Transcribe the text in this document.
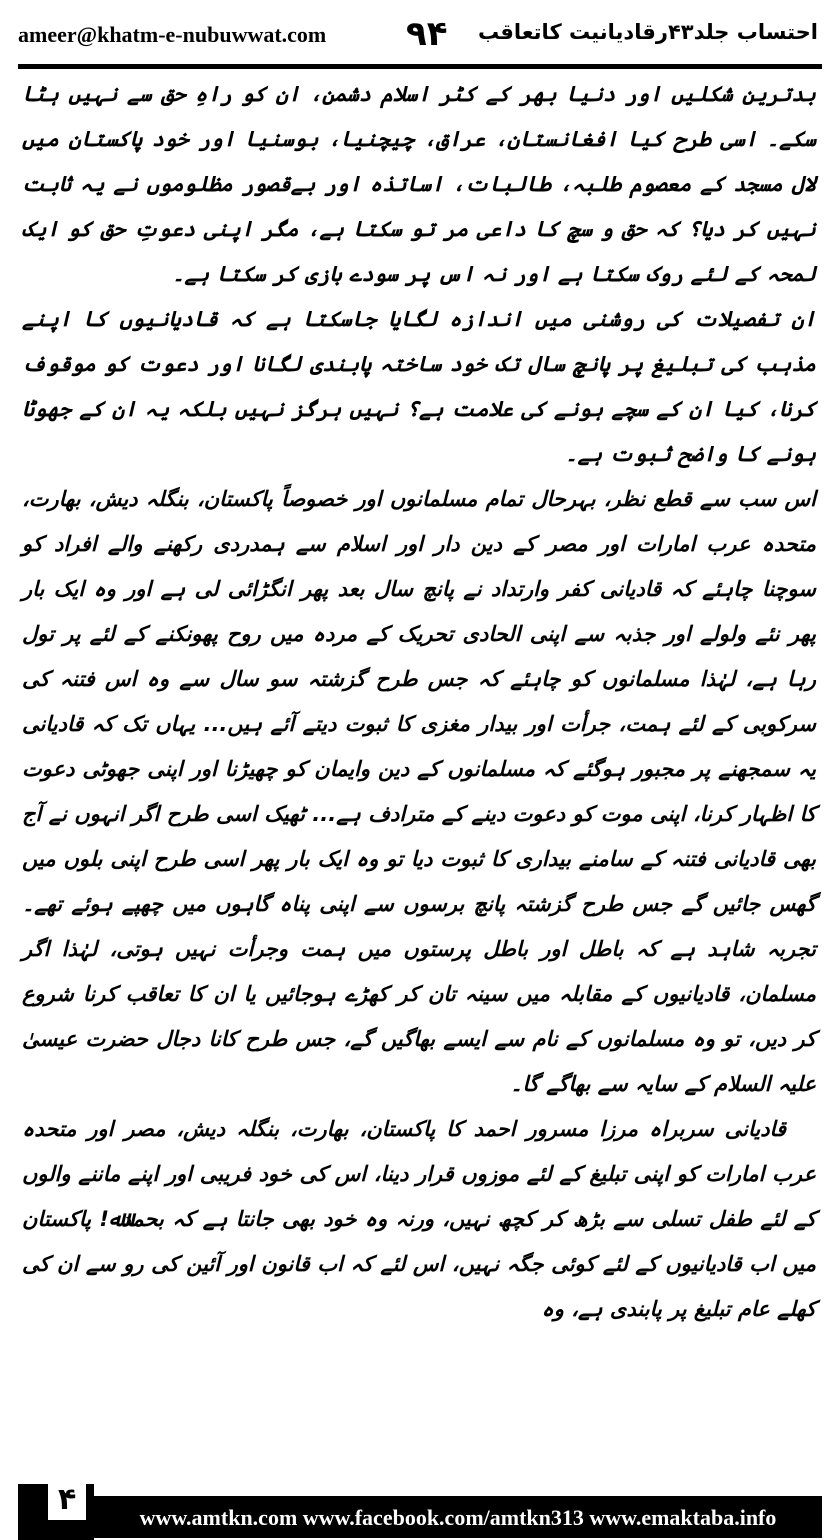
ameer@khatm-e-nubuwwat.com ۹۴ احتساب جلد۴۳رقادیانیت کاتعاقب

بدترین شکلیں اور دنیا بھر کے کٹر اسلام دشمن، ان کو راہِ حق سے نہیں ہٹا سکے۔ اسی طرح کیا افغانستان، عراق، چیچنیا، بوسنیا اور خود پاکستان میں لال مسجد کے معصوم طلبہ، طالبات، اساتذہ اور بےقصور مظلوموں نے یہ ثابت نہیں کر دیا؟ کہ حق و سچ کا داعی مر تو سکتا ہے، مگر اپنی دعوتِ حق کو ایک لمحہ کے لئے روک سکتا ہے اور نہ اس پر سودے بازی کر سکتا ہے۔

ان تفصیلات کی روشنی میں اندازہ لگایا جاسکتا ہے کہ قادیانیوں کا اپنے مذہب کی تبلیغ پر پانچ سال تک خود ساختہ پابندی لگانا اور دعوت کو موقوف کرنا، کیا ان کے سچے ہونے کی علامت ہے؟ نہیں ہرگز نہیں بلکہ یہ ان کے جھوٹا ہونے کا واضح ثبوت ہے۔

اس سب سے قطع نظر، بہرحال تمام مسلمانوں اور خصوصاً پاکستان، بنگلہ دیش، بھارت، متحدہ عرب امارات اور مصر کے دین دار اور اسلام سے ہمدردی رکھنے والے افراد کو سوچنا چاہئے کہ قادیانی کفر وارتداد نے پانچ سال بعد پھر انگڑائی لی ہے اور وہ ایک بار پھر نئے ولولے اور جذبہ سے اپنی الحادی تحریک کے مردہ میں روح پھونکنے کے لئے پر تول رہا ہے، لہٰذا مسلمانوں کو چاہئے کہ جس طرح گزشتہ سو سال سے وہ اس فتنہ کی سرکوبی کے لئے ہمت، جرأت اور بیدار مغزی کا ثبوت دیتے آئے ہیں... یہاں تک کہ قادیانی یہ سمجھنے پر مجبور ہوگئے کہ مسلمانوں کے دین وایمان کو چھیڑنا اور اپنی جھوٹی دعوت کا اظہار کرنا، اپنی موت کو دعوت دینے کے مترادف ہے... ٹھیک اسی طرح اگر انہوں نے آج بھی قادیانی فتنہ کے سامنے بیداری کا ثبوت دیا تو وہ ایک بار پھر اسی طرح اپنی بلوں میں گھس جائیں گے جس طرح گزشتہ پانچ برسوں سے اپنی پناہ گاہوں میں چھپے ہوئے تھے۔ تجربہ شاہد ہے کہ باطل اور باطل پرستوں میں ہمت وجرأت نہیں ہوتی، لہٰذا اگر مسلمان، قادیانیوں کے مقابلہ میں سینہ تان کر کھڑے ہوجائیں یا ان کا تعاقب کرنا شروع کر دیں، تو وہ مسلمانوں کے نام سے ایسے بھاگیں گے، جس طرح کانا دجال حضرت عیسیٰ علیہ السلام کے سایہ سے بھاگے گا۔

قادیانی سربراہ مرزا مسرور احمد کا پاکستان، بھارت، بنگلہ دیش، مصر اور متحدہ عرب امارات کو اپنی تبلیغ کے لئے موزوں قرار دینا، اس کی خود فریبی اور اپنے ماننے والوں کے لئے طفل تسلی سے بڑھ کر کچھ نہیں، ورنہ وہ خود بھی جانتا ہے کہ بحمدﷲ! پاکستان میں اب قادیانیوں کے لئے کوئی جگہ نہیں، اس لئے کہ اب قانون اور آئین کی رو سے ان کی کھلے عام تبلیغ پر پابندی ہے، وہ

۴
www.amtkn.com www.facebook.com/amtkn313 www.emaktaba.info
